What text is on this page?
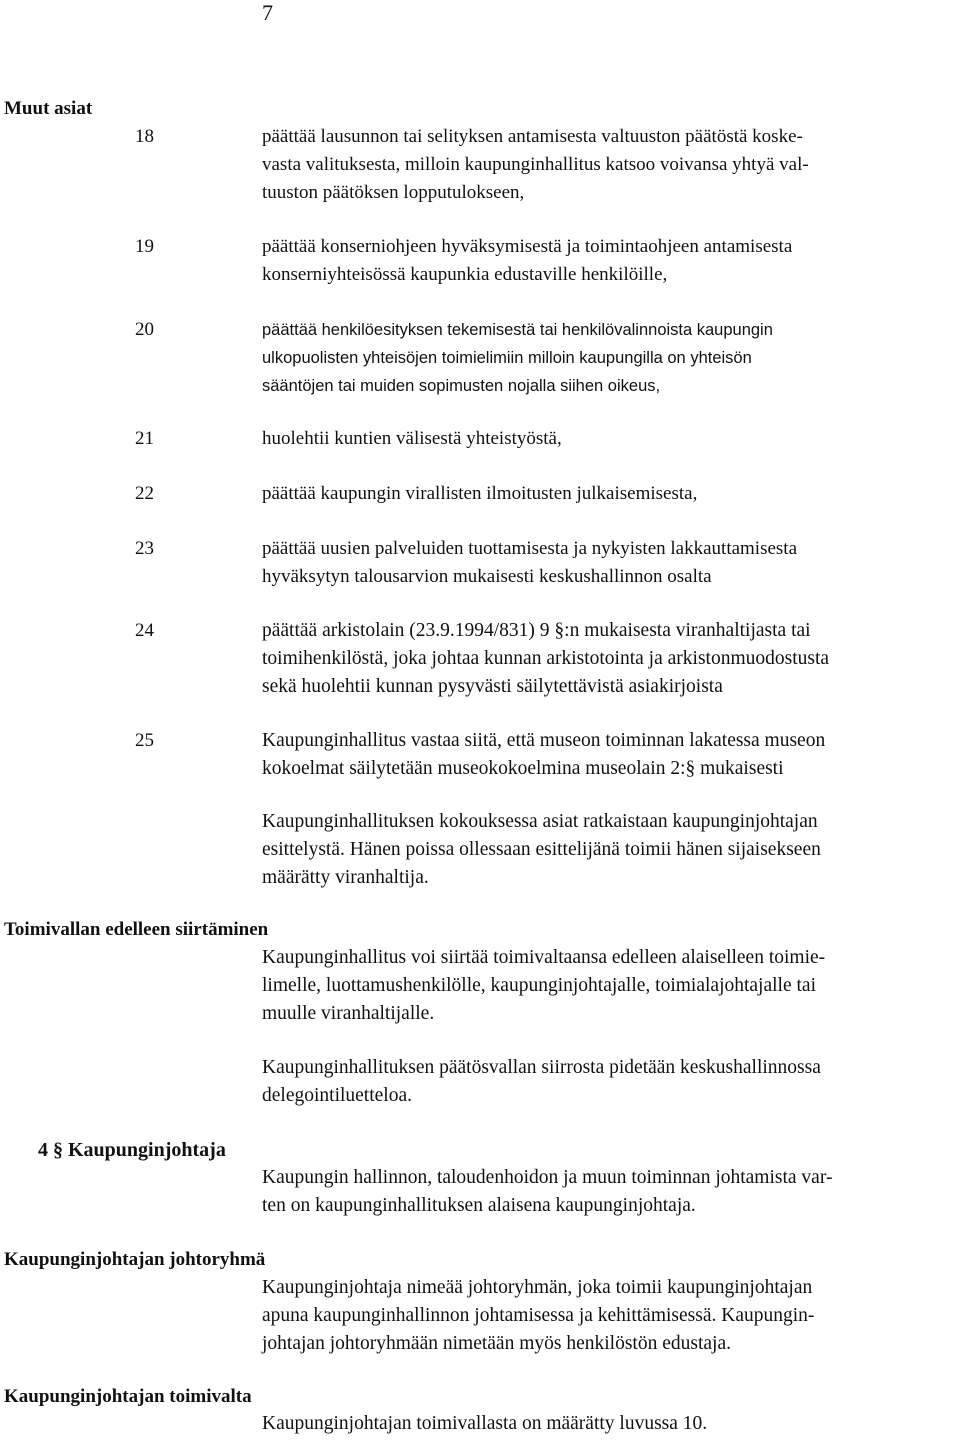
7
Muut asiat
18	päättää lausunnon tai selityksen antamisesta valtuuston päätöstä koske-
vasta valituksesta, milloin kaupunginhallitus katsoo voivansa yhtyä val-
tuuston päätöksen lopputulokseen,
19	päättää konserniohjeen hyväksymisestä ja toimintaohjeen antamisesta
konserniyhteisössä kaupunkia edustaville henkilöille,
20	päättää henkilöesityksen tekemisestä tai henkilövalinnoista kaupungin
ulkopuolisten yhteisöjen toimielimiin milloin kaupungilla on yhteisön
sääntöjen tai muiden sopimusten nojalla siihen oikeus,
21	huolehtii kuntien välisestä yhteistyöstä,
22	päättää kaupungin virallisten ilmoitusten julkaisemisesta,
23	päättää uusien palveluiden tuottamisesta ja nykyisten lakkauttamisesta
hyväksytyn talousarvion mukaisesti keskushallinnon osalta
24	päättää arkistolain (23.9.1994/831) 9 §:n mukaisesta viranhaltijasta tai
toimihenkilöstä, joka johtaa kunnan arkistotointa ja arkistonmuodostusta
sekä huolehtii kunnan pysyvästi säilytettävistä asiakirjoista
25	Kaupunginhallitus vastaa siitä, että museon toiminnan lakatessa museon
kokoelmat säilytetään museokokoelmina museolain 2:§ mukaisesti
Kaupunginhallituksen kokouksessa asiat ratkaistaan kaupunginjohtajan
esittelystä. Hänen poissa ollessaan esittelijänä toimii hänen sijaisekseen
määrätty viranhaltija.
Toimivallan edelleen siirtäminen
Kaupunginhallitus voi siirtää toimivaltaansa edelleen alaiselleen toimie-
limelle, luottamushenkilölle, kaupunginjohtajalle, toimialajohtajalle tai
muulle viranhaltijalle.
Kaupunginhallituksen päätösvallan siirrosta pidetään keskushallinnossa
delegointiluetteloa.
4 § Kaupunginjohtaja
Kaupungin hallinnon, taloudenhoidon ja muun toiminnan johtamista var-
ten on kaupunginhallituksen alaisena kaupunginjohtaja.
Kaupunginjohtajan johtoryhmä
Kaupunginjohtaja nimeää johtoryhmän, joka toimii kaupunginjohtajan
apuna kaupunginhallinnon johtamisessa ja kehittämisessä. Kaupungin-
johtajan johtoryhmään nimetään myös henkilöstön edustaja.
Kaupunginjohtajan toimivalta
Kaupunginjohtajan toimivallasta on määrätty luvussa 10.
